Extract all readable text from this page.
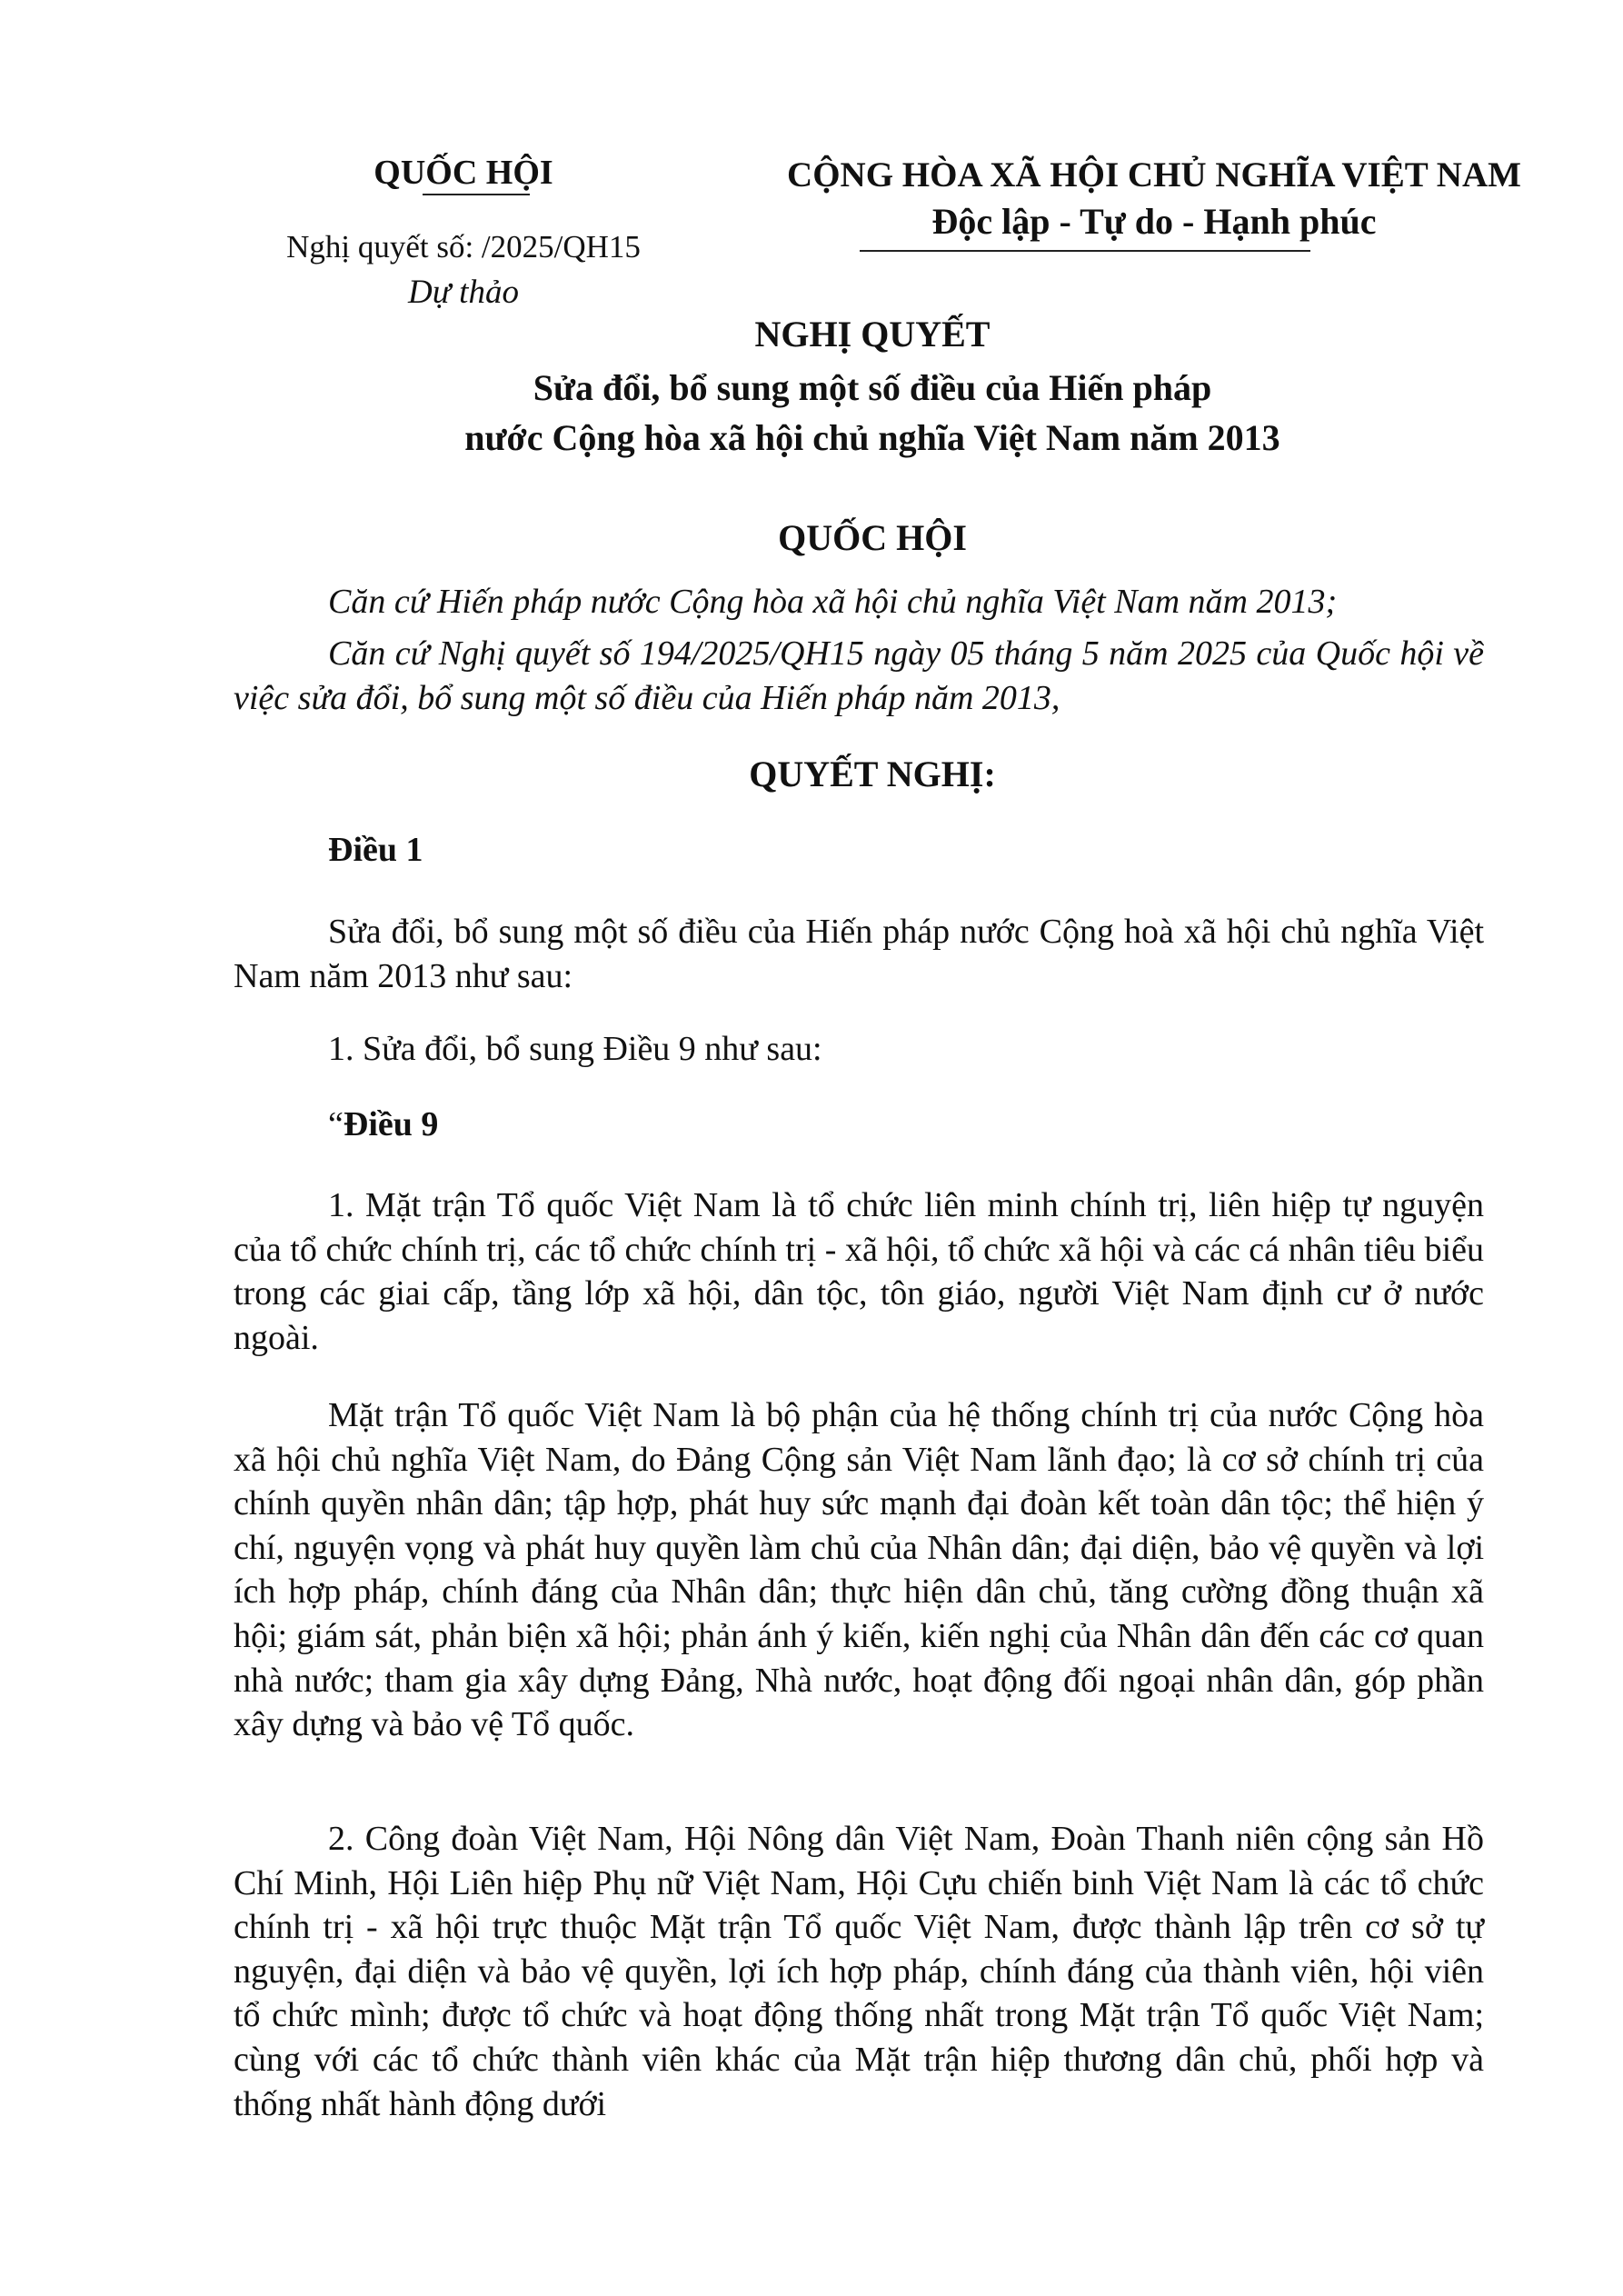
QUỐC HỘI
Nghị quyết số: /2025/QH15
Dự thảo
CỘNG HÒA XÃ HỘI CHỦ NGHĨA VIỆT NAM
Độc lập - Tự do - Hạnh phúc
NGHỊ QUYẾT
Sửa đổi, bổ sung một số điều của Hiến pháp
nước Cộng hòa xã hội chủ nghĩa Việt Nam năm 2013
QUỐC HỘI
Căn cứ Hiến pháp nước Cộng hòa xã hội chủ nghĩa Việt Nam năm 2013;
Căn cứ Nghị quyết số 194/2025/QH15 ngày 05 tháng 5 năm 2025 của Quốc hội về việc sửa đổi, bổ sung một số điều của Hiến pháp năm 2013,
QUYẾT NGHỊ:
Điều 1
Sửa đổi, bổ sung một số điều của Hiến pháp nước Cộng hoà xã hội chủ nghĩa Việt Nam năm 2013 như sau:
1. Sửa đổi, bổ sung Điều 9 như sau:
“Điều 9
1. Mặt trận Tổ quốc Việt Nam là tổ chức liên minh chính trị, liên hiệp tự nguyện của tổ chức chính trị, các tổ chức chính trị - xã hội, tổ chức xã hội và các cá nhân tiêu biểu trong các giai cấp, tầng lớp xã hội, dân tộc, tôn giáo, người Việt Nam định cư ở nước ngoài.
Mặt trận Tổ quốc Việt Nam là bộ phận của hệ thống chính trị của nước Cộng hòa xã hội chủ nghĩa Việt Nam, do Đảng Cộng sản Việt Nam lãnh đạo; là cơ sở chính trị của chính quyền nhân dân; tập hợp, phát huy sức mạnh đại đoàn kết toàn dân tộc; thể hiện ý chí, nguyện vọng và phát huy quyền làm chủ của Nhân dân; đại diện, bảo vệ quyền và lợi ích hợp pháp, chính đáng của Nhân dân; thực hiện dân chủ, tăng cường đồng thuận xã hội; giám sát, phản biện xã hội; phản ánh ý kiến, kiến nghị của Nhân dân đến các cơ quan nhà nước; tham gia xây dựng Đảng, Nhà nước, hoạt động đối ngoại nhân dân, góp phần xây dựng và bảo vệ Tổ quốc.
2. Công đoàn Việt Nam, Hội Nông dân Việt Nam, Đoàn Thanh niên cộng sản Hồ Chí Minh, Hội Liên hiệp Phụ nữ Việt Nam, Hội Cựu chiến binh Việt Nam là các tổ chức chính trị - xã hội trực thuộc Mặt trận Tổ quốc Việt Nam, được thành lập trên cơ sở tự nguyện, đại diện và bảo vệ quyền, lợi ích hợp pháp, chính đáng của thành viên, hội viên tổ chức mình; được tổ chức và hoạt động thống nhất trong Mặt trận Tổ quốc Việt Nam; cùng với các tổ chức thành viên khác của Mặt trận hiệp thương dân chủ, phối hợp và thống nhất hành động dưới
